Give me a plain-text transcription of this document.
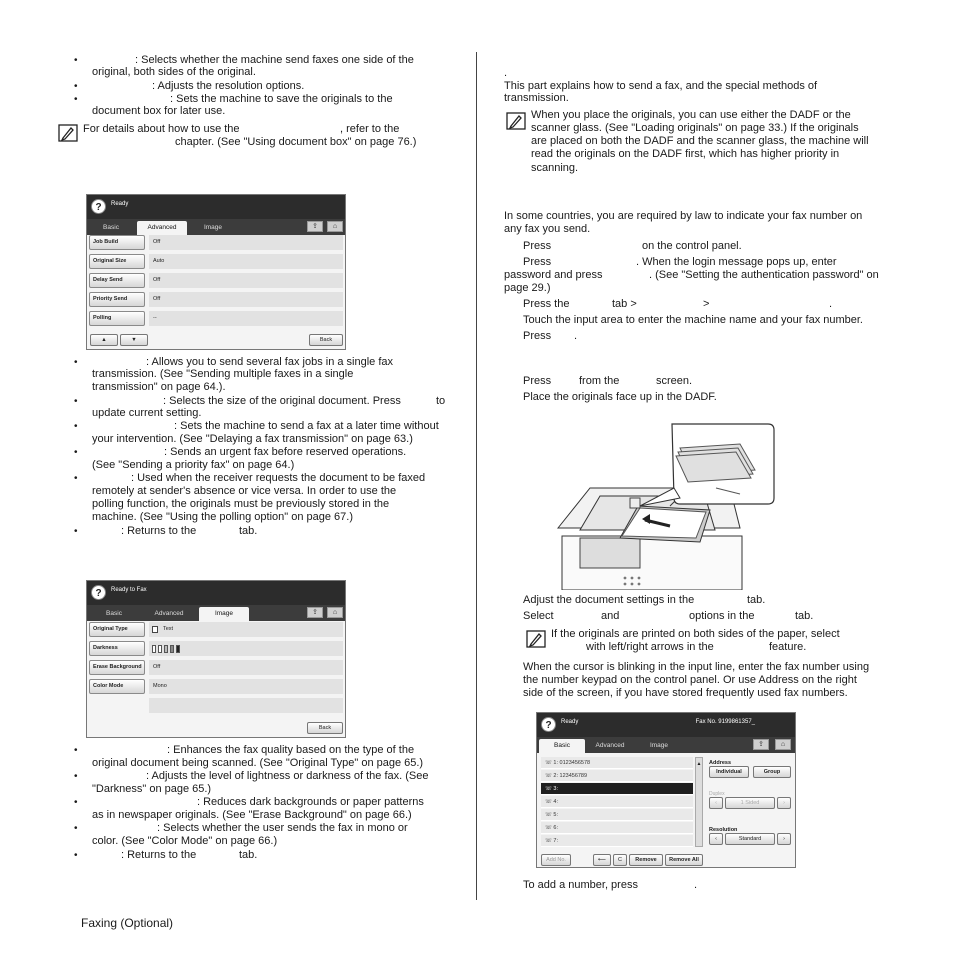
•	: Selects whether the machine send faxes one side of the
original, both sides of the original.
•	: Adjusts the resolution options.
•	: Sets the machine to save the originals to the
document box for later use.
For details about how to use the	, refer to the
chapter. (See "Using document box" on page 76.)
?	Ready
Basic	Advanced	Image	⇪	⌂
Job Build	Off
Original Size	Auto
Delay Send	Off
Priority Send	Off
Polling	--
▲	▼	Back
•	: Allows you to send several fax jobs in a single fax
transmission. (See "Sending multiple faxes in a single
transmission" on page 64.).
•	: Selects the size of the original document. Press	to
update current setting.
•	: Sets the machine to send a fax at a later time without
your intervention. (See "Delaying a fax transmission" on page 63.)
•	: Sends an urgent fax before reserved operations.
(See "Sending a priority fax" on page 64.)
•	: Used when the receiver requests the document to be faxed
remotely at sender's absence or vice versa. In order to use the
polling function, the originals must be previously stored in the
machine. (See "Using the polling option" on page 67.)
•	: Returns to the	tab.
?	Ready to Fax
Basic	Advanced	Image	⇪	⌂
Original Type	Text
Darkness
Erase Background	Off
Color Mode	Mono
Back
•	: Enhances the fax quality based on the type of the
original document being scanned. (See "Original Type" on page 65.)
•	: Adjusts the level of lightness or darkness of the fax. (See
"Darkness" on page 65.)
•	: Reduces dark backgrounds or paper patterns
as in newspaper originals. (See "Erase Background" on page 66.)
•	: Selects whether the user sends the fax in mono or
color. (See "Color Mode" on page 66.)
•	: Returns to the	tab.
.
This part explains how to send a fax, and the special methods of
transmission.
When you place the originals, you can use either the DADF or the
scanner glass. (See "Loading originals" on page 33.) If the originals
are placed on both the DADF and the scanner glass, the machine will
read the originals on the DADF first, which has higher priority in
scanning.
In some countries, you are required by law to indicate your fax number on
any fax you send.
Press	on the control panel.
Press	. When the login message pops up, enter
password and press	. (See "Setting the authentication password" on
page 29.)
Press the	tab >	>	.
Touch the input area to enter the machine name and your fax number.
Press .
Press	from the	screen.
Place the originals face up in the DADF.
Adjust the document settings in the	tab.
Select	and	options in the	tab.
If the originals are printed on both sides of the paper, select
with left/right arrows in the	feature.
When the cursor is blinking in the input line, enter the fax number using
the number keypad on the control panel. Or use Address on the right
side of the screen, if you have stored frequently used fax numbers.
?	Ready	Fax No. 9199861357_
Basic	Advanced	Image	⇪	⌂
☏ 1: 0123456578
☏ 2: 123456789
☏ 3:
☏ 4:
☏ 5:
☏ 6:
☏ 7:
▲ Address
Individual	Group
Duplex
‹	1 Sided	›
Resolution
‹	Standard	›
Add No.	⟵	C	Remove	Remove All
To add a number, press	.
Faxing (Optional)
